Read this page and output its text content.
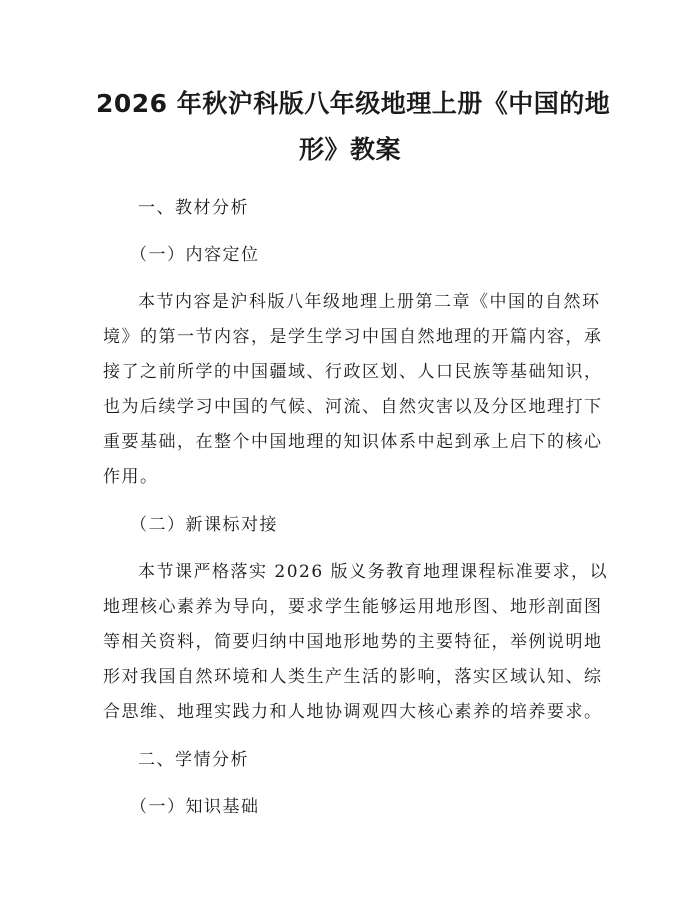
2026 年秋沪科版八年级地理上册《中国的地
形》教案
一、教材分析
（一）内容定位
本节内容是沪科版八年级地理上册第二章《中国的自然环
境》的第一节内容，是学生学习中国自然地理的开篇内容，承
接了之前所学的中国疆域、行政区划、人口民族等基础知识，
也为后续学习中国的气候、河流、自然灾害以及分区地理打下
重要基础，在整个中国地理的知识体系中起到承上启下的核心
作用。
（二）新课标对接
本节课严格落实 2026 版义务教育地理课程标准要求，以
地理核心素养为导向，要求学生能够运用地形图、地形剖面图
等相关资料，简要归纳中国地形地势的主要特征，举例说明地
形对我国自然环境和人类生产生活的影响，落实区域认知、综
合思维、地理实践力和人地协调观四大核心素养的培养要求。
二、学情分析
（一）知识基础
